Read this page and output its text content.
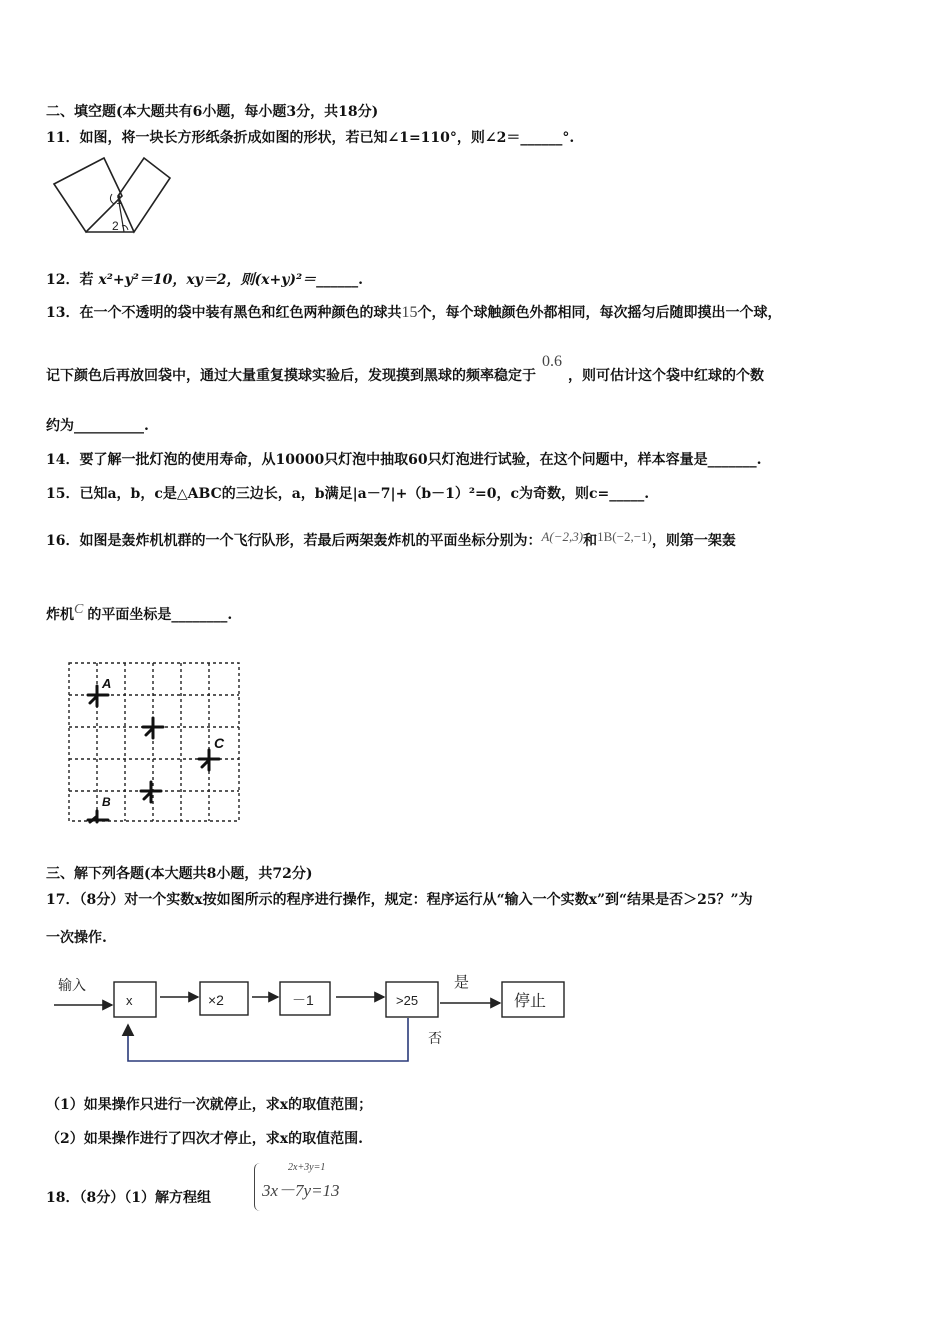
二、填空题(本大题共有6小题，每小题3分，共18分)
11．如图，将一块长方形纸条折成如图的形状，若已知∠1=110°，则∠2＝______°.
1
2
12．若 x²+y²＝10，xy＝2，则(x+y)²＝______.
13．在一个不透明的袋中装有黑色和红色两种颜色的球共15个，每个球触颜色外都相同，每次摇匀后随即摸出一个球，
记下颜色后再放回袋中，通过大量重复摸球实验后，发现摸到黑球的频率稳定于0.6，则可估计这个袋中红球的个数
约为__________.
14．要了解一批灯泡的使用寿命，从10000只灯泡中抽取60只灯泡进行试验，在这个问题中，样本容量是_______.
15．已知a，b，c是△ABC的三边长，a，b满足|a－7|+（b－1）²=0，c为奇数，则c=_____.
16．如图是轰炸机机群的一个飞行队形，若最后两架轰炸机的平面坐标分别为：A(−2,3)和1B(−2,−1)，则第一架轰
炸机C 的平面坐标是________.
A
C
B
三、解下列各题(本大题共8小题，共72分)
17．（8分）对一个实数x按如图所示的程序进行操作，规定：程序运行从“输入一个实数x”到“结果是否＞25？”为
一次操作.
输入
x	×2	－1	>25
是
停止
否
（1）如果操作只进行一次就停止，求x的取值范围；
（2）如果操作进行了四次才停止，求x的取值范围.
18．（8分）（1）解方程组
2x+3y=1
3x－7y=13
